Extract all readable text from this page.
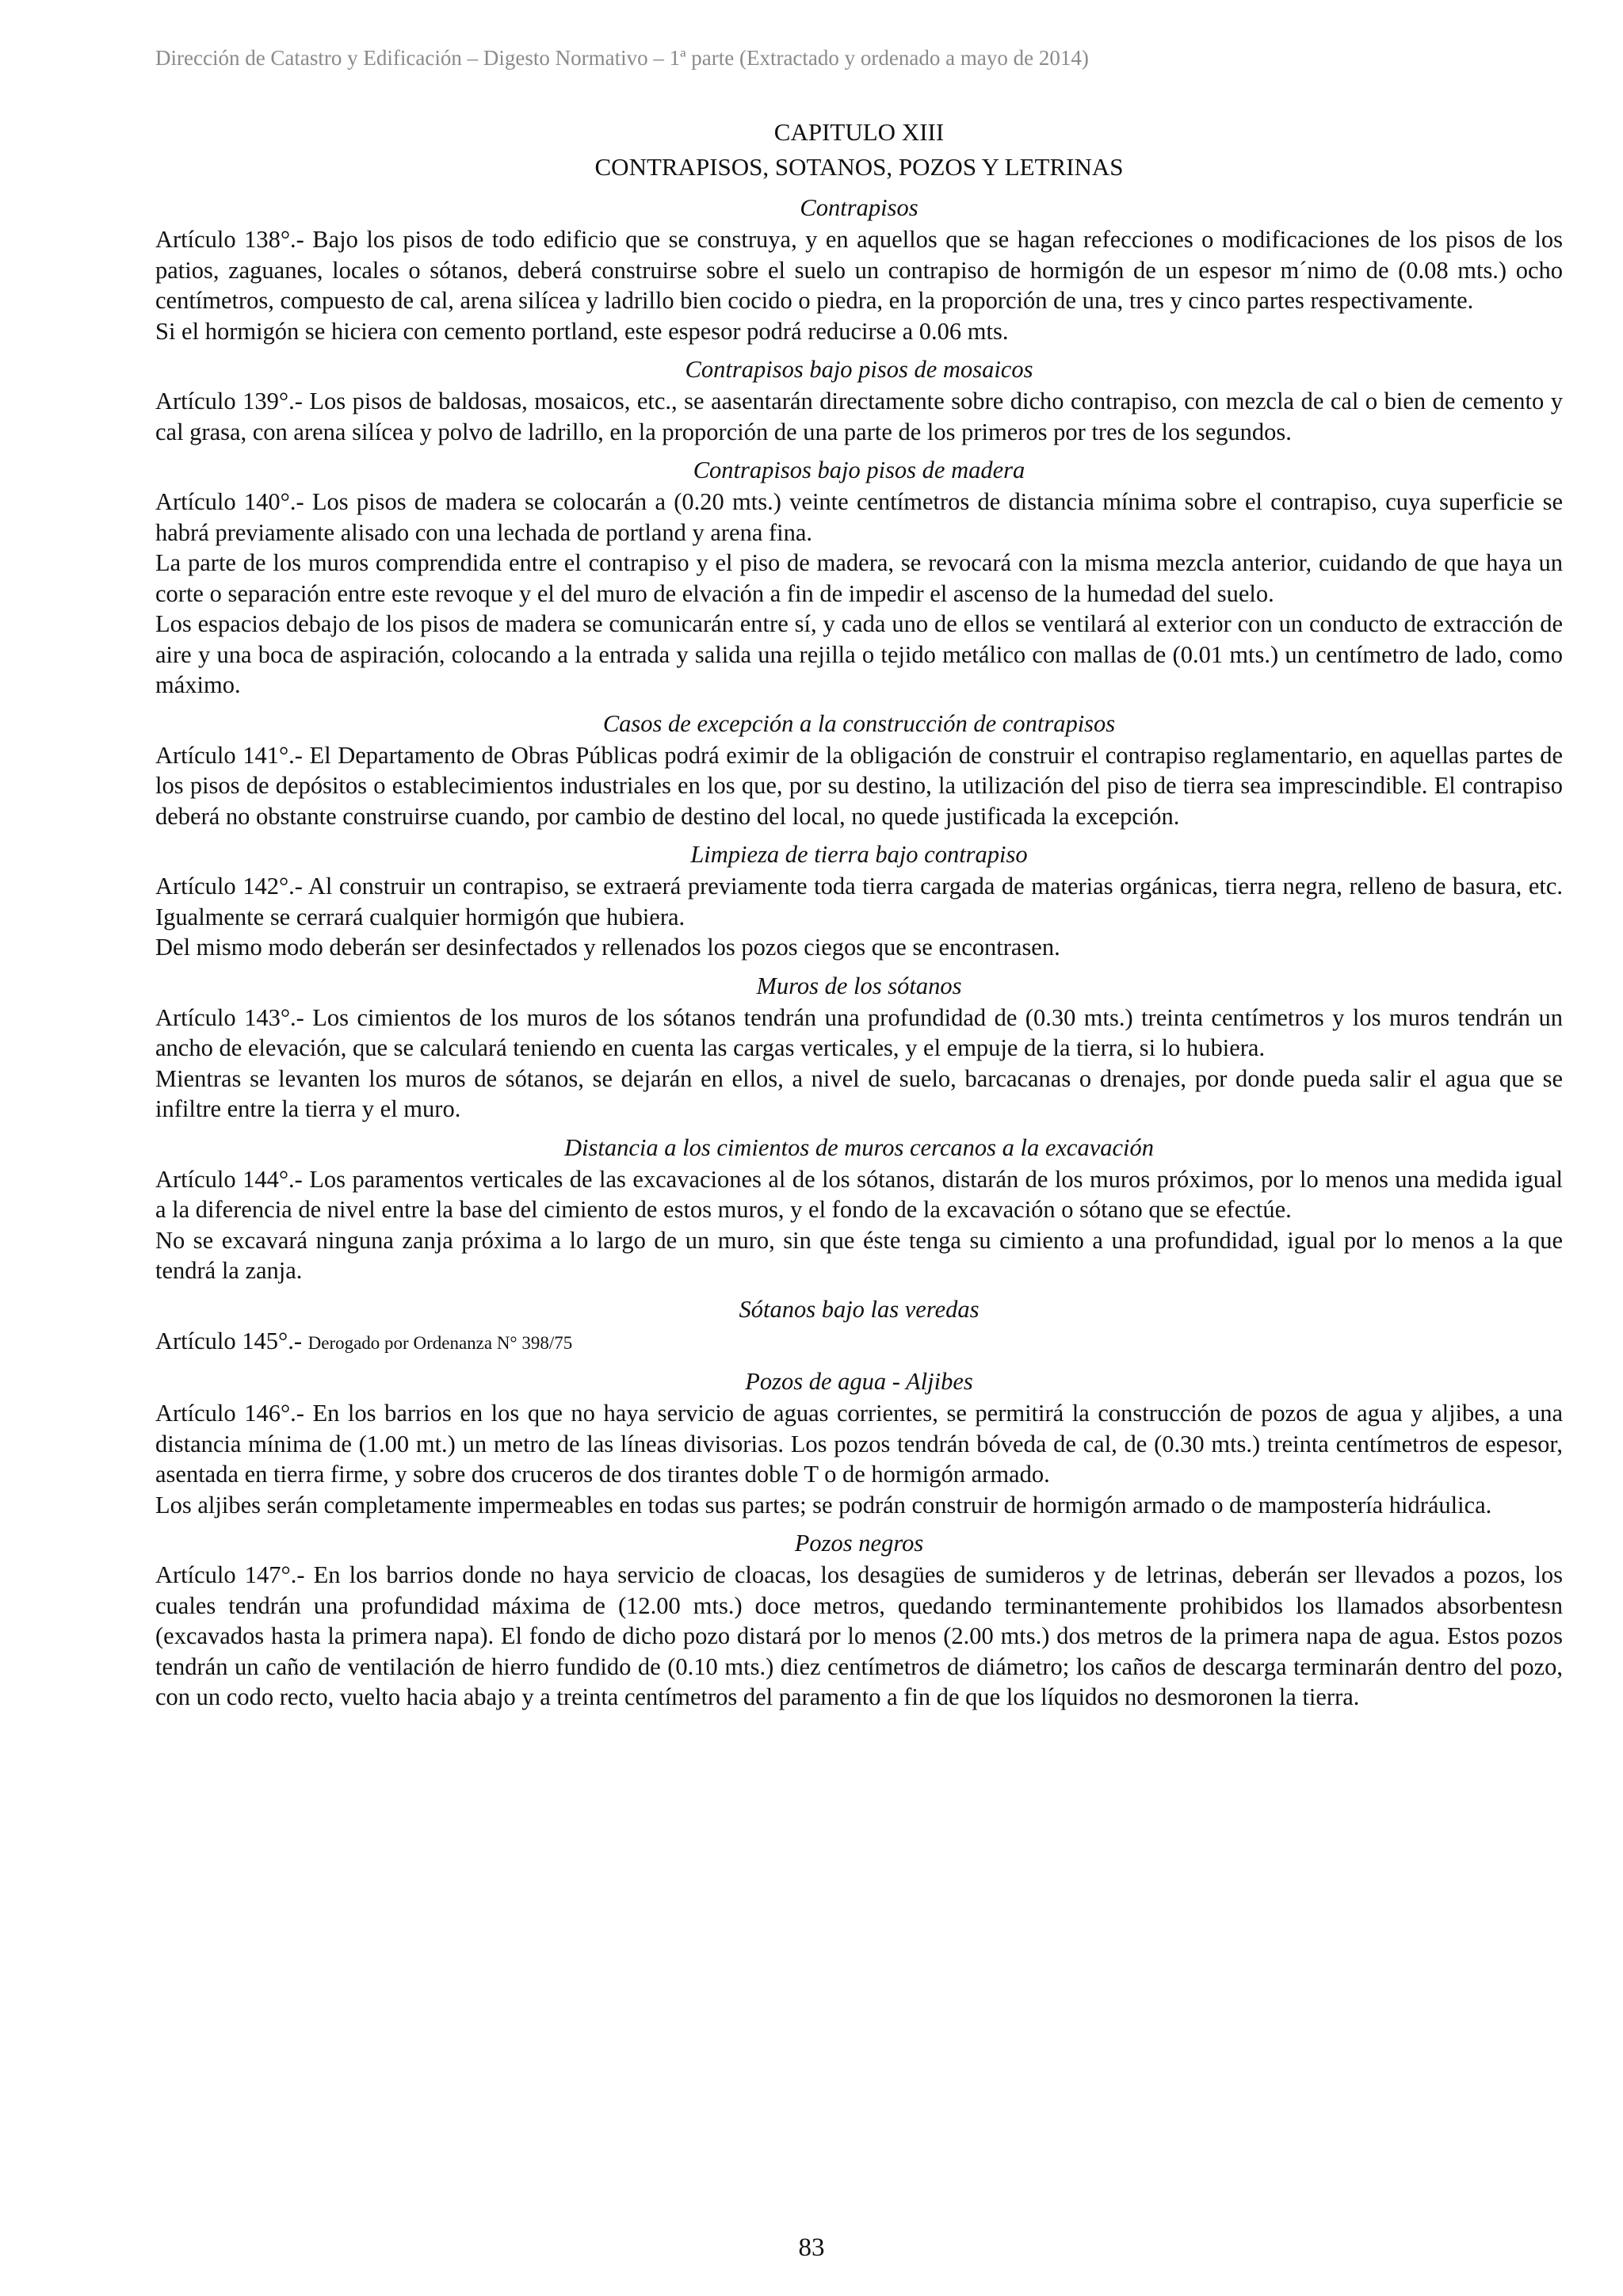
Dirección de Catastro y Edificación – Digesto Normativo – 1ª parte (Extractado y ordenado a mayo de 2014)
CAPITULO XIII
CONTRAPISOS, SOTANOS, POZOS Y LETRINAS
Contrapisos

Artículo 138°.- Bajo los pisos de todo edificio que se construya, y en aquellos que se hagan refecciones o modificaciones de los pisos de los patios, zaguanes, locales o sótanos, deberá construirse sobre el suelo un contrapiso de hormigón de un espesor m´nimo de (0.08 mts.) ocho centímetros, compuesto de cal, arena silícea y ladrillo bien cocido o piedra, en la proporción de una, tres y cinco partes respectivamente.

Si el hormigón se hiciera con cemento portland, este espesor podrá reducirse a 0.06 mts.

Contrapisos bajo pisos de mosaicos

Artículo 139°.- Los pisos de baldosas, mosaicos, etc., se aasentarán directamente sobre dicho contrapiso, con mezcla de cal o bien de cemento y cal grasa, con arena silícea y polvo de ladrillo, en la proporción de una parte de los primeros por tres de los segundos.

Contrapisos bajo pisos de madera

Artículo 140°.- Los pisos de madera se colocarán a (0.20 mts.) veinte centímetros de distancia mínima sobre el contrapiso, cuya superficie se habrá previamente alisado con una lechada de portland y arena fina.

La parte de los muros comprendida entre el contrapiso y el piso de madera, se revocará con la misma mezcla anterior, cuidando de que haya un corte o separación entre este revoque y el del muro de elvación a fin de impedir el ascenso de la humedad del suelo.

Los espacios debajo de los pisos de madera se comunicarán entre sí, y cada uno de ellos se ventilará al exterior con un conducto de extracción de aire y una boca de aspiración, colocando a la entrada y salida una rejilla o tejido metálico con mallas de (0.01 mts.) un centímetro de lado, como máximo.

Casos de excepción a la construcción de contrapisos

Artículo 141°.- El Departamento de Obras Públicas podrá eximir de la obligación de construir el contrapiso reglamentario, en aquellas partes de los pisos de depósitos o establecimientos industriales en los que, por su destino, la utilización del piso de tierra sea imprescindible. El contrapiso deberá no obstante construirse cuando, por cambio de destino del local, no quede justificada la excepción.

Limpieza de tierra bajo contrapiso

Artículo 142°.- Al construir un contrapiso, se extraerá previamente toda tierra cargada de materias orgánicas, tierra negra, relleno de basura, etc. Igualmente se cerrará cualquier hormigón que hubiera.

Del mismo modo deberán ser desinfectados y rellenados los pozos ciegos que se encontrasen.

Muros de los sótanos

Artículo 143°.- Los cimientos de los muros de los sótanos tendrán una profundidad de (0.30 mts.) treinta centímetros y los muros tendrán un ancho de elevación, que se calculará teniendo en cuenta las cargas verticales, y el empuje de la tierra, si lo hubiera.

Mientras se levanten los muros de sótanos, se dejarán en ellos, a nivel de suelo, barcacanas o drenajes, por donde pueda salir el agua que se infiltre entre la tierra y el muro.

Distancia a los cimientos de muros cercanos a la excavación

Artículo 144°.- Los paramentos verticales de las excavaciones al de los sótanos, distarán de los muros próximos, por lo menos una medida igual a la diferencia de nivel entre la base del cimiento de estos muros, y el fondo de la excavación o sótano que se efectúe.

No se excavará ninguna zanja próxima a lo largo de un muro, sin que éste tenga su cimiento a una profundidad, igual por lo menos a la que tendrá la zanja.

Sótanos bajo las veredas

Artículo 145°.- Derogado por Ordenanza N° 398/75

Pozos de agua - Aljibes

Artículo 146°.- En los barrios en los que no haya servicio de aguas corrientes, se permitirá la construcción de pozos de agua y aljibes, a una distancia mínima de (1.00 mt.) un metro de las líneas divisorias. Los pozos tendrán bóveda de cal, de (0.30 mts.) treinta centímetros de espesor, asentada en tierra firme, y sobre dos cruceros de dos tirantes doble T o de hormigón armado.

Los aljibes serán completamente impermeables en todas sus partes; se podrán construir de hormigón armado o de mampostería hidráulica.

Pozos negros

Artículo 147°.- En los barrios donde no haya servicio de cloacas, los desagües de sumideros y de letrinas, deberán ser llevados a pozos, los cuales tendrán una profundidad máxima de (12.00 mts.) doce metros, quedando terminantemente prohibidos los llamados absorbentesn (excavados hasta la primera napa). El fondo de dicho pozo distará por lo menos (2.00 mts.) dos metros de la primera napa de agua. Estos pozos tendrán un caño de ventilación de hierro fundido de (0.10 mts.) diez centímetros de diámetro; los caños de descarga terminarán dentro del pozo, con un codo recto, vuelto hacia abajo y a treinta centímetros del paramento a fin de que los líquidos no desmoronen la tierra.

83
